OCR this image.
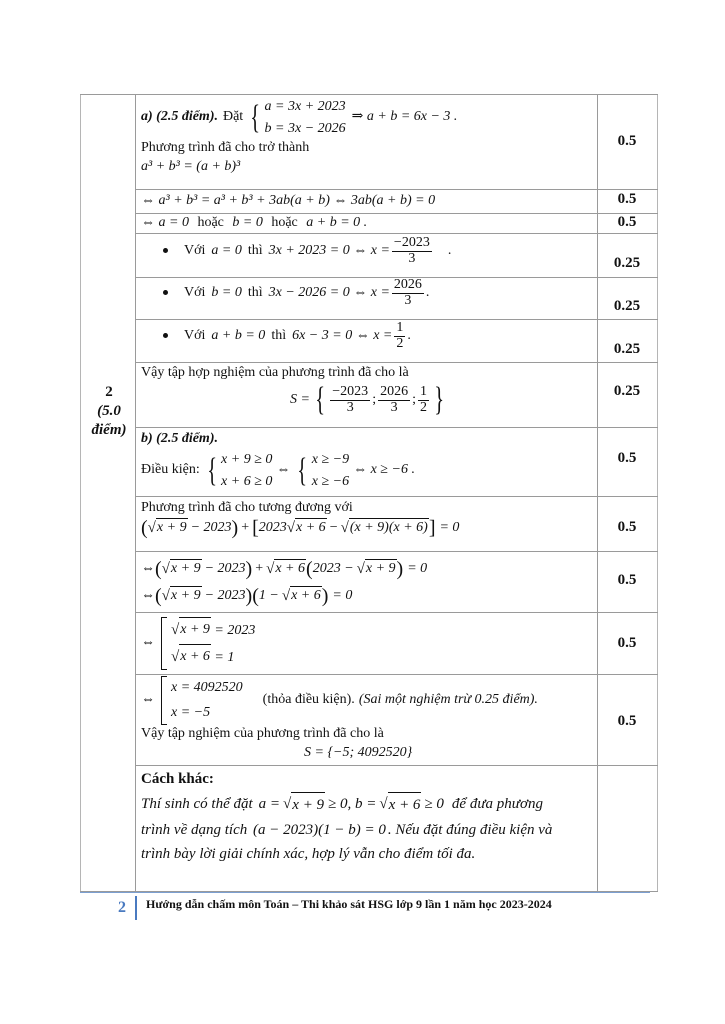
2
(5.0
điểm)
a) (2.5 điểm). Đặt { a = 3x + 2023
b = 3x − 2026
⇒ a + b = 6x − 3 .
Phương trình đã cho trở thành
a³ + b³ = (a + b)³
⇔ a³ + b³ = a³ + b³ + 3ab(a + b) ⇔ 3ab(a + b) = 0
⇔ a = 0 hoặc b = 0 hoặc a + b = 0 .
Với a = 0 thì 3x + 2023 = 0 ⇔ $x = \frac{-2023}{3}$ .
Với b = 0 thì 3x − 2026 = 0 ⇔ $x = \frac{2026}{3}$ .
Với a + b = 0 thì 6x − 3 = 0 ⇔ $x = \frac{1}{2}$ .
Vậy tập hợp nghiệm của phương trình đã cho là
S = { $\frac{-2023}{3}$ ; $\frac{2026}{3}$ ; $\frac{1}{2}$ }
b) (2.5 điểm).
Điều kiện: { x + 9 ≥ 0
x + 6 ≥ 0
⇔ { x ≥ −9
x ≥ −6
⇔ x ≥ −6 .
Phương trình đã cho tương đương với
( √ x + 9 − 2023 ) + [ 2023 √ x + 6 − √ (x + 9)(x + 6) ] = 0
⇔ ( √ x + 9 − 2023 ) + √ x + 6 ( 2023 − √ x + 9 ) = 0
⇔ ( √ x + 9 − 2023 ) ( 1 − √ x + 6 ) = 0
⇔
√ x + 9 = 2023
√ x + 6 = 1
⇔
x = 4092520
x = −5
(thỏa điều kiện). (Sai một nghiệm trừ 0.25 điểm).
Vậy tập nghiệm của phương trình đã cho là
S = {−5; 4092520}
Cách khác:
Thí sinh có thể đặt a = √ x + 9 ≥ 0, b = √ x + 6 ≥ 0 để đưa phương
trình về dạng tích (a − 2023)(1 − b) = 0 . Nếu đặt đúng điều kiện và
trình bày lời giải chính xác, hợp lý vẫn cho điểm tối đa.
0.5
0.5
0.5
0.25
0.25
0.25
0.25
0.5
0.5
0.5
0.5
0.5
2 Hướng dẫn chấm môn Toán – Thi khảo sát HSG lớp 9 lần 1 năm học 2023-2024
